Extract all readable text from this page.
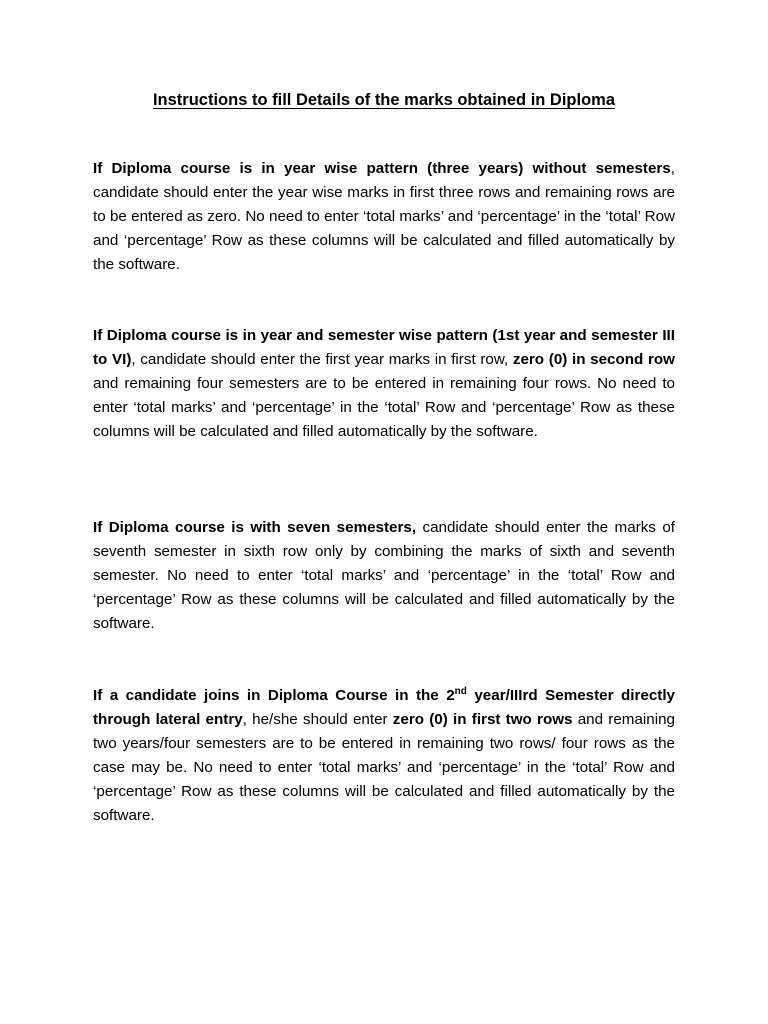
Instructions to fill Details of the marks obtained in Diploma

If Diploma course is in year wise pattern (three years) without semesters, candidate should enter the year wise marks in first three rows and remaining rows are to be entered as zero. No need to enter ‘total marks’ and ‘percentage’ in the ‘total’ Row and ‘percentage’ Row as these columns will be calculated and filled automatically by the software.

If Diploma course is in year and semester wise pattern (1st year and semester III to VI), candidate should enter the first year marks in first row, zero (0) in second row and remaining four semesters are to be entered in remaining four rows. No need to enter ‘total marks’ and ‘percentage’ in the ‘total’ Row and ‘percentage’ Row as these columns will be calculated and filled automatically by the software.

If Diploma course is with seven semesters, candidate should enter the marks of seventh semester in sixth row only by combining the marks of sixth and seventh semester. No need to enter ‘total marks’ and ‘percentage’ in the ‘total’ Row and ‘percentage’ Row as these columns will be calculated and filled automatically by the software.

If a candidate joins in Diploma Course in the 2nd year/IIIrd Semester directly through lateral entry, he/she should enter zero (0) in first two rows and remaining two years/four semesters are to be entered in remaining two rows/ four rows as the case may be. No need to enter ‘total marks’ and ‘percentage’ in the ‘total’ Row and ‘percentage’ Row as these columns will be calculated and filled automatically by the software.
